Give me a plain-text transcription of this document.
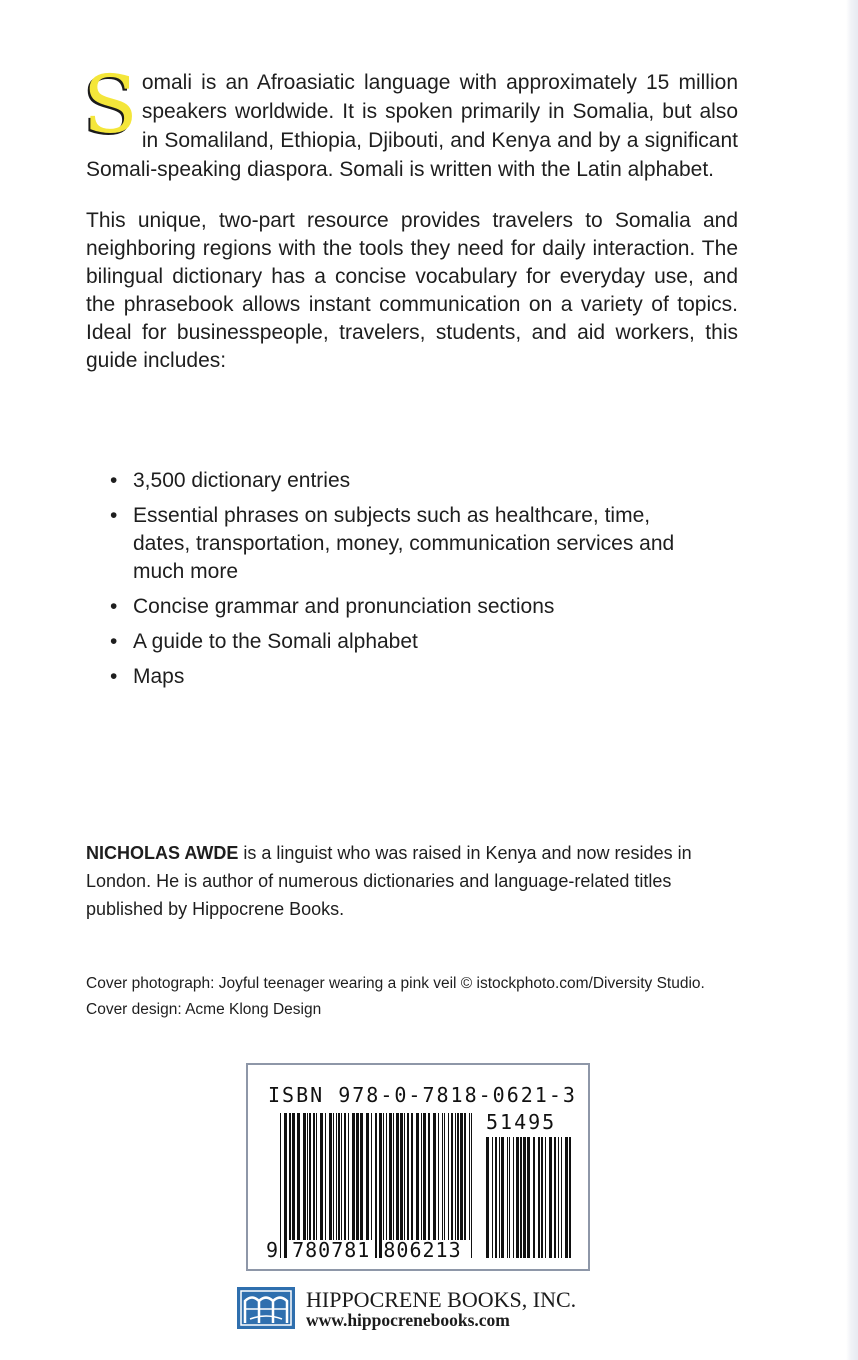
Somali is an Afroasiatic language with approximately 15 million speakers worldwide. It is spoken primarily in Somalia, but also in Somaliland, Ethiopia, Djibouti, and Kenya and by a significant Somali-speaking diaspora. Somali is written with the Latin alphabet.

This unique, two-part resource provides travelers to Somalia and neighboring regions with the tools they need for daily interaction. The bilingual dictionary has a concise vocabulary for everyday use, and the phrasebook allows instant communication on a variety of topics. Ideal for businesspeople, travelers, students, and aid workers, this guide includes:

• 3,500 dictionary entries
• Essential phrases on subjects such as healthcare, time, dates, transportation, money, communication services and much more
• Concise grammar and pronunciation sections
• A guide to the Somali alphabet
• Maps

NICHOLAS AWDE is a linguist who was raised in Kenya and now resides in London. He is author of numerous dictionaries and language-related titles published by Hippocrene Books.

Cover photograph: Joyful teenager wearing a pink veil © istockphoto.com/Diversity Studio.

Cover design: Acme Klong Design

ISBN 978-0-7818-0621-3
51495
9 780781 806213
HIPPOCRENE BOOKS, INC.
www.hippocrenebooks.com
